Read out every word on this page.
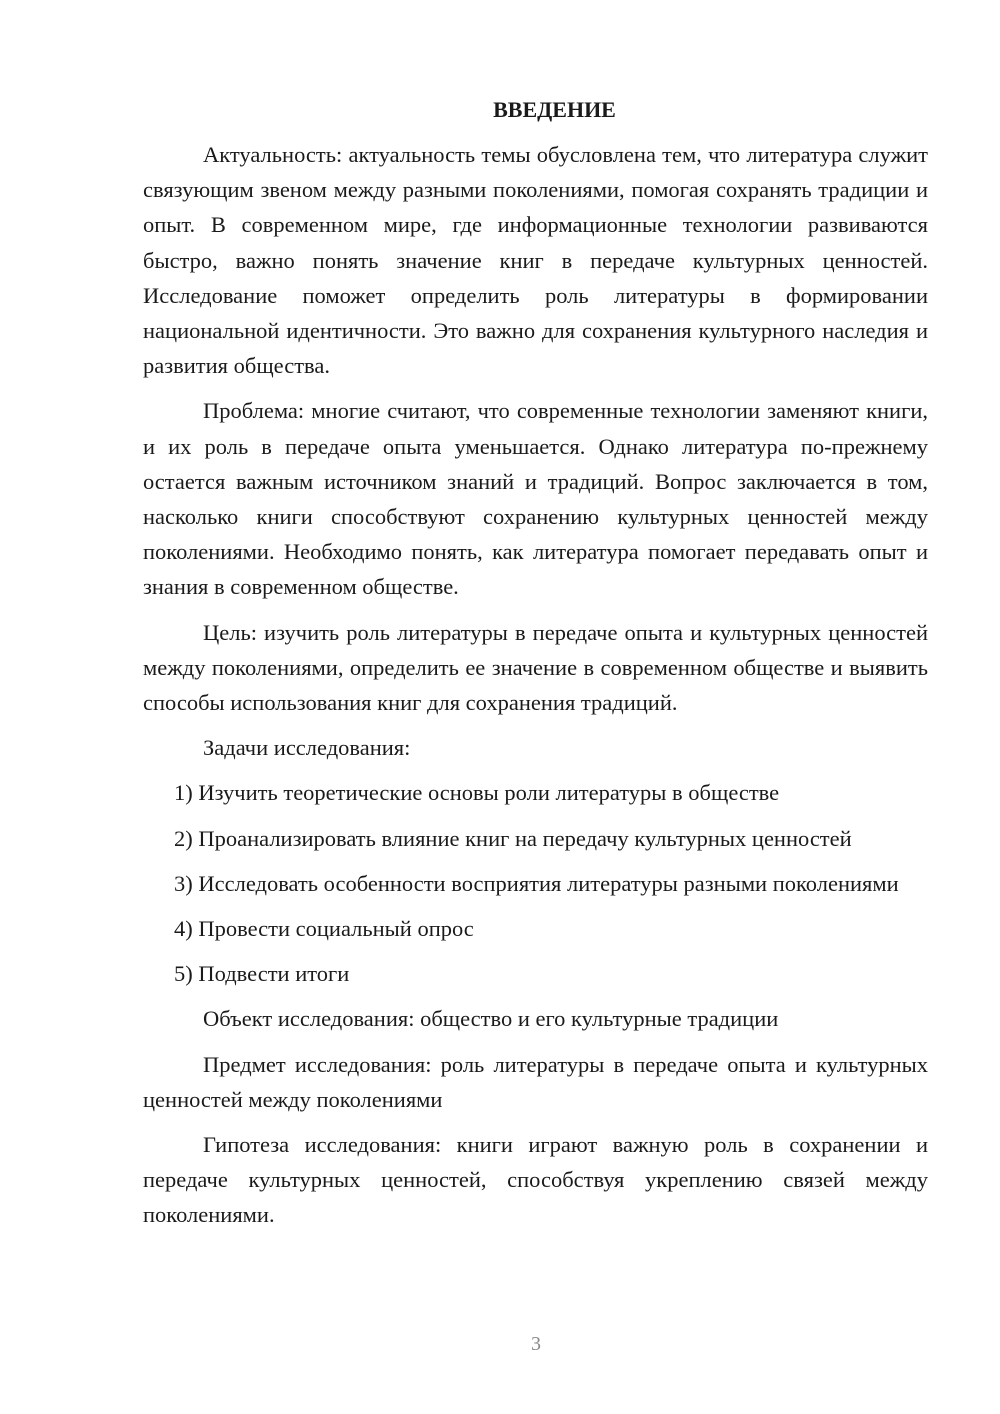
ВВЕДЕНИЕ

Актуальность: актуальность темы обусловлена тем, что литература служит связующим звеном между разными поколениями, помогая сохранять традиции и опыт. В современном мире, где информационные технологии развиваются быстро, важно понять значение книг в передаче культурных ценностей. Исследование поможет определить роль литературы в формировании национальной идентичности. Это важно для сохранения культурного наследия и развития общества.

Проблема: многие считают, что современные технологии заменяют книги, и их роль в передаче опыта уменьшается. Однако литература по-прежнему остается важным источником знаний и традиций. Вопрос заключается в том, насколько книги способствуют сохранению культурных ценностей между поколениями. Необходимо понять, как литература помогает передавать опыт и знания в современном обществе.

Цель: изучить роль литературы в передаче опыта и культурных ценностей между поколениями, определить ее значение в современном обществе и выявить способы использования книг для сохранения традиций.

Задачи исследования:

1) Изучить теоретические основы роли литературы в обществе

2) Проанализировать влияние книг на передачу культурных ценностей

3) Исследовать особенности восприятия литературы разными поколениями

4) Провести социальный опрос

5) Подвести итоги

Объект исследования: общество и его культурные традиции

Предмет исследования: роль литературы в передаче опыта и культурных ценностей между поколениями

Гипотеза исследования: книги играют важную роль в сохранении и передаче культурных ценностей, способствуя укреплению связей между поколениями.

3
